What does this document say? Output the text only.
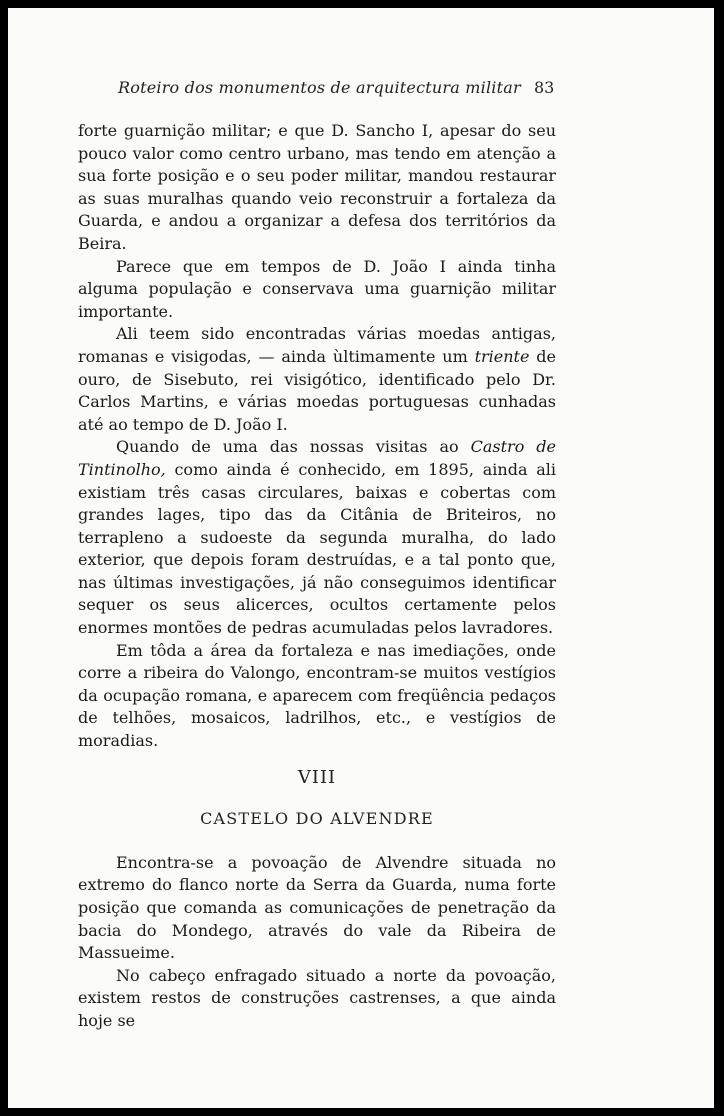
Roteiro dos monumentos de arquitectura militar 83

forte guarnição militar; e que D. Sancho I, apesar do seu pouco valor como centro urbano, mas tendo em atenção a sua forte posição e o seu poder militar, mandou restaurar as suas muralhas quando veio reconstruir a fortaleza da Guarda, e andou a organizar a defesa dos territórios da Beira.

Parece que em tempos de D. João I ainda tinha alguma população e conservava uma guarnição militar importante.

Ali teem sido encontradas várias moedas antigas, romanas e visigodas, — ainda ùltimamente um triente de ouro, de Sisebuto, rei visigótico, identificado pelo Dr. Carlos Martins, e várias moedas portuguesas cunhadas até ao tempo de D. João I.

Quando de uma das nossas visitas ao Castro de Tintinolho, como ainda é conhecido, em 1895, ainda ali existiam três casas circulares, baixas e cobertas com grandes lages, tipo das da Citânia de Briteiros, no terrapleno a sudoeste da segunda muralha, do lado exterior, que depois foram destruídas, e a tal ponto que, nas últimas investigações, já não conseguimos identificar sequer os seus alicerces, ocultos certamente pelos enormes montões de pedras acumuladas pelos lavradores.

Em tôda a área da fortaleza e nas imediações, onde corre a ribeira do Valongo, encontram-se muitos vestígios da ocupação romana, e aparecem com freqüência pedaços de telhões, mosaicos, ladrilhos, etc., e vestígios de moradias.

VIII

CASTELO DO ALVENDRE

Encontra-se a povoação de Alvendre situada no extremo do flanco norte da Serra da Guarda, numa forte posição que comanda as comunicações de penetração da bacia do Mondego, através do vale da Ribeira de Massueime.

No cabeço enfragado situado a norte da povoação, existem restos de construções castrenses, a que ainda hoje se
